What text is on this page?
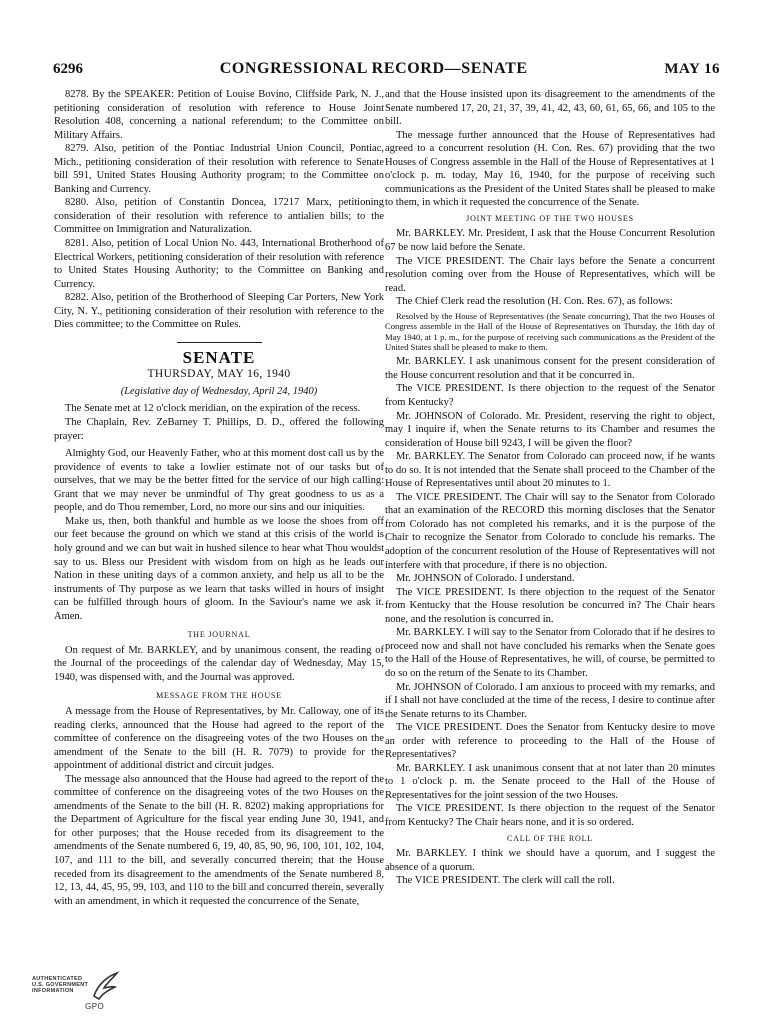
6296	CONGRESSIONAL RECORD—SENATE	MAY 16

8278. By the SPEAKER: Petition of Louise Bovino, Cliffside Park, N. J., petitioning consideration of resolution with reference to House Joint Resolution 408, concerning a national referendum; to the Committee on Military Affairs.

8279. Also, petition of the Pontiac Industrial Union Council, Pontiac, Mich., petitioning consideration of their resolution with reference to Senate bill 591, United States Housing Authority program; to the Committee on Banking and Currency.

8280. Also, petition of Constantin Doncea, 17217 Marx, petitioning consideration of their resolution with reference to antialien bills; to the Committee on Immigration and Naturalization.

8281. Also, petition of Local Union No. 443, International Brotherhood of Electrical Workers, petitioning consideration of their resolution with reference to United States Housing Authority; to the Committee on Banking and Currency.

8282. Also, petition of the Brotherhood of Sleeping Car Porters, New York City, N. Y., petitioning consideration of their resolution with reference to the Dies committee; to the Committee on Rules.

SENATE
THURSDAY, MAY 16, 1940
(Legislative day of Wednesday, April 24, 1940)

The Senate met at 12 o'clock meridian, on the expiration of the recess.

The Chaplain, Rev. ZeBarney T. Phillips, D. D., offered the following prayer:

Almighty God, our Heavenly Father, who at this moment dost call us by the providence of events to take a lowlier estimate not of our tasks but of ourselves, that we may be the better fitted for the service of our high calling: Grant that we may never be unmindful of Thy great goodness to us as a people, and do Thou remember, Lord, no more our sins and our iniquities.

Make us, then, both thankful and humble as we loose the shoes from off our feet because the ground on which we stand at this crisis of the world is holy ground and we can but wait in hushed silence to hear what Thou wouldst say to us. Bless our President with wisdom from on high as he leads our Nation in these uniting days of a common anxiety, and help us all to be the instruments of Thy purpose as we learn that tasks willed in hours of insight can be fulfilled through hours of gloom. In the Saviour's name we ask it. Amen.

THE JOURNAL

On request of Mr. BARKLEY, and by unanimous consent, the reading of the Journal of the proceedings of the calendar day of Wednesday, May 15, 1940, was dispensed with, and the Journal was approved.

MESSAGE FROM THE HOUSE

A message from the House of Representatives, by Mr. Calloway, one of its reading clerks, announced that the House had agreed to the report of the committee of conference on the disagreeing votes of the two Houses on the amendment of the Senate to the bill (H. R. 7079) to provide for the appointment of additional district and circuit judges.

The message also announced that the House had agreed to the report of the committee of conference on the disagreeing votes of the two Houses on the amendments of the Senate to the bill (H. R. 8202) making appropriations for the Department of Agriculture for the fiscal year ending June 30, 1941, and for other purposes; that the House receded from its disagreement to the amendments of the Senate numbered 6, 19, 40, 85, 90, 96, 100, 101, 102, 104, 107, and 111 to the bill, and severally concurred therein; that the House receded from its disagreement to the amendments of the Senate numbered 8, 12, 13, 44, 45, 95, 99, 103, and 110 to the bill and concurred therein, severally with an amendment, in which it requested the concurrence of the Senate,

and that the House insisted upon its disagreement to the amendments of the Senate numbered 17, 20, 21, 37, 39, 41, 42, 43, 60, 61, 65, 66, and 105 to the bill.

The message further announced that the House of Representatives had agreed to a concurrent resolution (H. Con. Res. 67) providing that the two Houses of Congress assemble in the Hall of the House of Representatives at 1 o'clock p. m. today, May 16, 1940, for the purpose of receiving such communications as the President of the United States shall be pleased to make to them, in which it requested the concurrence of the Senate.

JOINT MEETING OF THE TWO HOUSES

Mr. BARKLEY. Mr. President, I ask that the House Concurrent Resolution 67 be now laid before the Senate.

The VICE PRESIDENT. The Chair lays before the Senate a concurrent resolution coming over from the House of Representatives, which will be read.

The Chief Clerk read the resolution (H. Con. Res. 67), as follows:

Resolved by the House of Representatives (the Senate concurring), That the two Houses of Congress assemble in the Hall of the House of Representatives on Thursday, the 16th day of May 1940, at 1 p. m., for the purpose of receiving such communications as the President of the United States shall be pleased to make to them.

Mr. BARKLEY. I ask unanimous consent for the present consideration of the House concurrent resolution and that it be concurred in.

The VICE PRESIDENT. Is there objection to the request of the Senator from Kentucky?

Mr. JOHNSON of Colorado. Mr. President, reserving the right to object, may I inquire if, when the Senate returns to its Chamber and resumes the consideration of House bill 9243, I will be given the floor?

Mr. BARKLEY. The Senator from Colorado can proceed now, if he wants to do so. It is not intended that the Senate shall proceed to the Chamber of the House of Representatives until about 20 minutes to 1.

The VICE PRESIDENT. The Chair will say to the Senator from Colorado that an examination of the RECORD this morning discloses that the Senator from Colorado has not completed his remarks, and it is the purpose of the Chair to recognize the Senator from Colorado to conclude his remarks. The adoption of the concurrent resolution of the House of Representatives will not interfere with that procedure, if there is no objection.

Mr. JOHNSON of Colorado. I understand.

The VICE PRESIDENT. Is there objection to the request of the Senator from Kentucky that the House resolution be concurred in? The Chair hears none, and the resolution is concurred in.

Mr. BARKLEY. I will say to the Senator from Colorado that if he desires to proceed now and shall not have concluded his remarks when the Senate goes to the Hall of the House of Representatives, he will, of course, be permitted to do so on the return of the Senate to its Chamber.

Mr. JOHNSON of Colorado. I am anxious to proceed with my remarks, and if I shall not have concluded at the time of the recess, I desire to continue after the Senate returns to its Chamber.

The VICE PRESIDENT. Does the Senator from Kentucky desire to move an order with reference to proceeding to the Hall of the House of Representatives?

Mr. BARKLEY. I ask unanimous consent that at not later than 20 minutes to 1 o'clock p. m. the Senate proceed to the Hall of the House of Representatives for the joint session of the two Houses.

The VICE PRESIDENT. Is there objection to the request of the Senator from Kentucky? The Chair hears none, and it is so ordered.

CALL OF THE ROLL

Mr. BARKLEY. I think we should have a quorum, and I suggest the absence of a quorum.

The VICE PRESIDENT. The clerk will call the roll.

AUTHENTICATED
U.S. GOVERNMENT
INFORMATION
GPO
